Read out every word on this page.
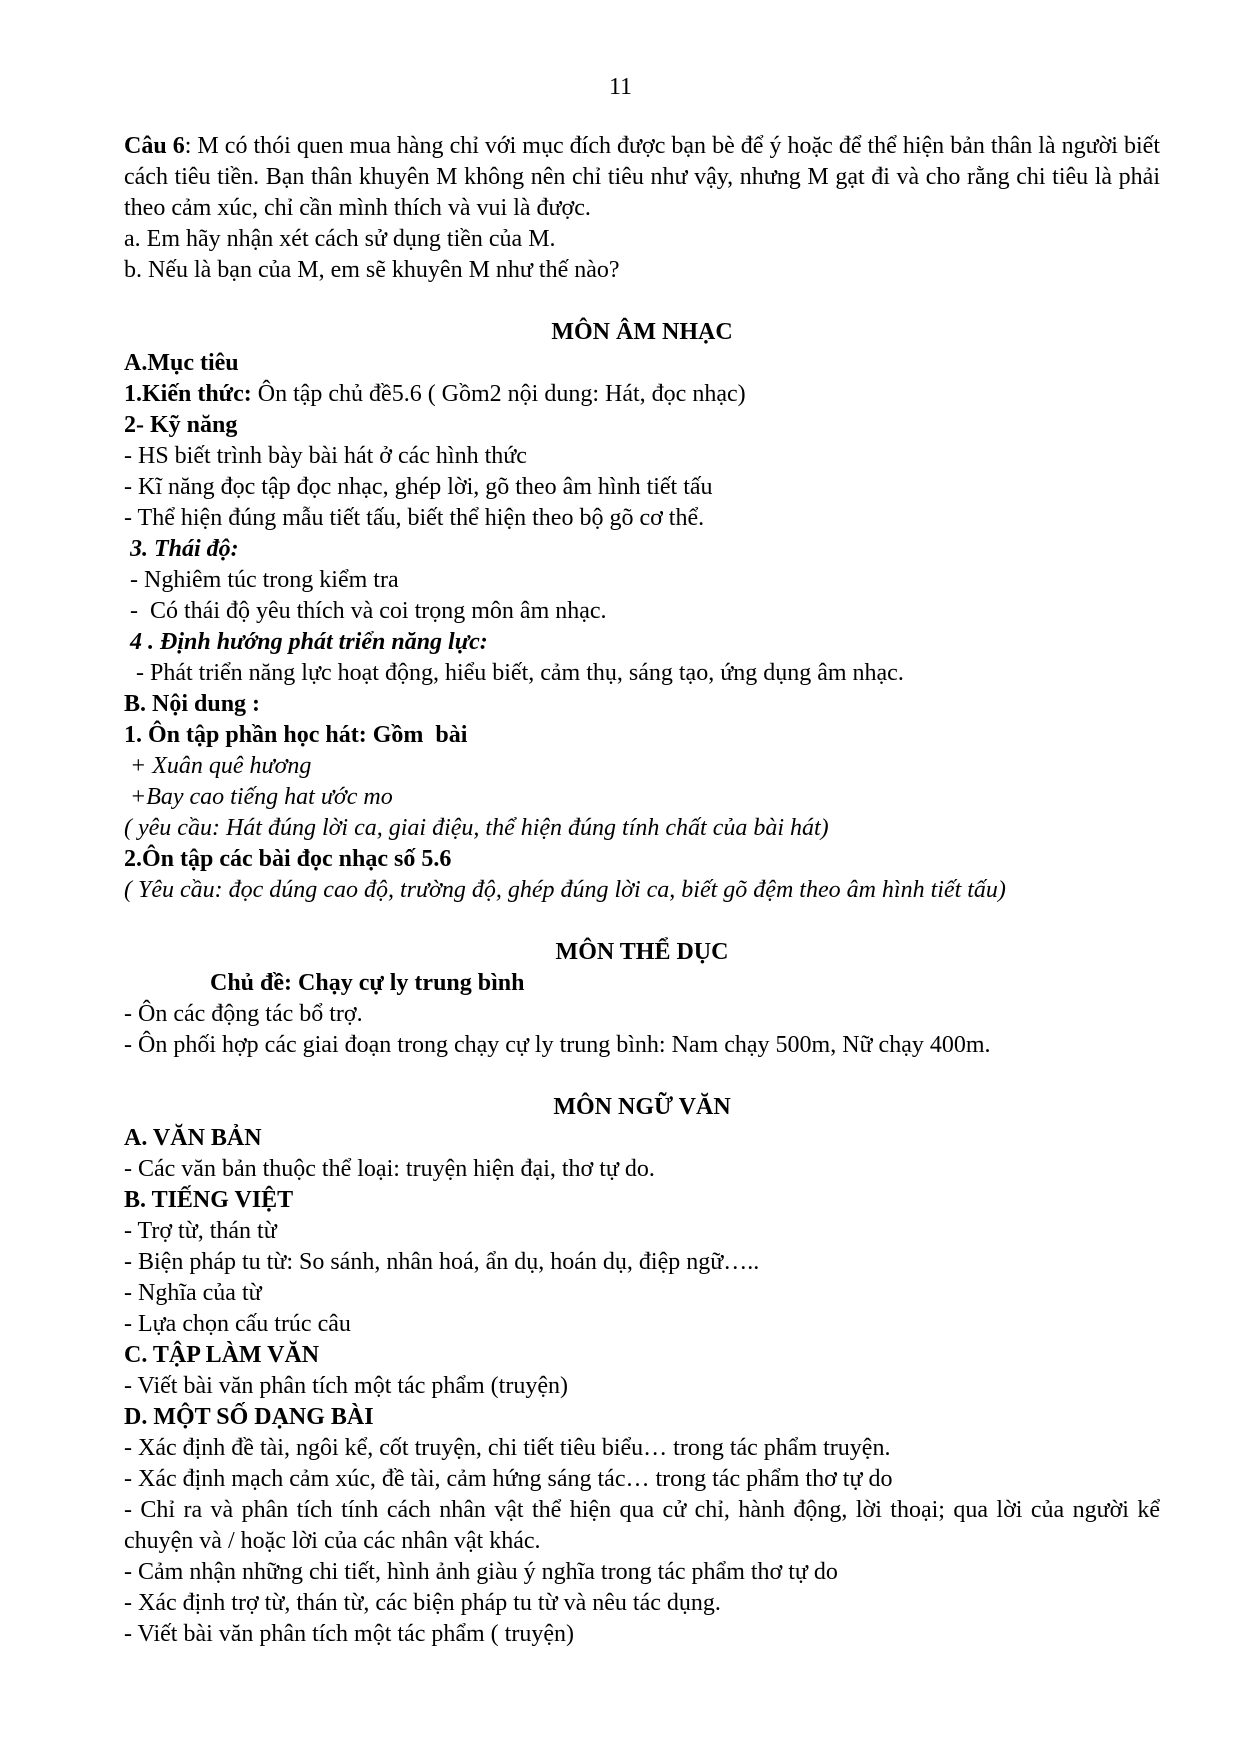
11

Câu 6: M có thói quen mua hàng chỉ với mục đích được bạn bè để ý hoặc để thể hiện bản thân là người biết cách tiêu tiền. Bạn thân khuyên M không nên chỉ tiêu như vậy, nhưng M gạt đi và cho rằng chi tiêu là phải theo cảm xúc, chỉ cần mình thích và vui là được.

a. Em hãy nhận xét cách sử dụng tiền của M.
b. Nếu là bạn của M, em sẽ khuyên M như thế nào?
MÔN ÂM NHẠC
A.Mục tiêu
1.Kiến thức: Ôn tập chủ đề5.6 ( Gồm2 nội dung: Hát, đọc nhạc)
2- Kỹ năng
- HS biết trình bày bài hát ở các hình thức
- Kĩ năng đọc tập đọc nhạc, ghép lời, gõ theo âm hình tiết tấu
- Thể hiện đúng mẫu tiết tấu, biết thể hiện theo bộ gõ cơ thể.
3. Thái độ:
- Nghiêm túc trong kiểm tra
-  Có thái độ yêu thích và coi trọng môn âm nhạc.
4 . Định hướng phát triển năng lực:
- Phát triển năng lực hoạt động, hiểu biết, cảm thụ, sáng tạo, ứng dụng âm nhạc.
B. Nội dung :
1. Ôn tập phần học hát: Gồm  bài
+ Xuân quê hương
+Bay cao tiếng hat ước mo
( yêu cầu: Hát đúng lời ca, giai điệu, thể hiện đúng tính chất của bài hát)
2.Ôn tập các bài đọc nhạc số 5.6
( Yêu cầu: đọc dúng cao độ, trường độ, ghép đúng lời ca, biết gõ đệm theo âm hình tiết tấu)
MÔN THỂ DỤC
Chủ đề: Chạy cự ly trung bình
- Ôn các động tác bổ trợ.
- Ôn phối hợp các giai đoạn trong chạy cự ly trung bình: Nam chạy 500m, Nữ chạy 400m.
MÔN NGỮ VĂN
A. VĂN BẢN
- Các văn bản thuộc thể loại: truyện hiện đại, thơ tự do.
B. TIẾNG VIỆT
- Trợ từ, thán từ
- Biện pháp tu từ: So sánh, nhân hoá, ẩn dụ, hoán dụ, điệp ngữ…..
- Nghĩa của từ
- Lựa chọn cấu trúc câu
C. TẬP LÀM VĂN
- Viết bài văn phân tích một tác phẩm (truyện)
D. MỘT SỐ DẠNG BÀI
- Xác định đề tài, ngôi kể, cốt truyện, chi tiết tiêu biểu… trong tác phẩm truyện.
- Xác định mạch cảm xúc, đề tài, cảm hứng sáng tác… trong tác phẩm thơ tự do

- Chỉ ra và phân tích tính cách nhân vật thể hiện qua cử chỉ, hành động, lời thoại; qua lời của người kể chuyện và / hoặc lời của các nhân vật khác.

- Cảm nhận những chi tiết, hình ảnh giàu ý nghĩa trong tác phẩm thơ tự do
- Xác định trợ từ, thán từ, các biện pháp tu từ và nêu tác dụng.
- Viết bài văn phân tích một tác phẩm ( truyện)
